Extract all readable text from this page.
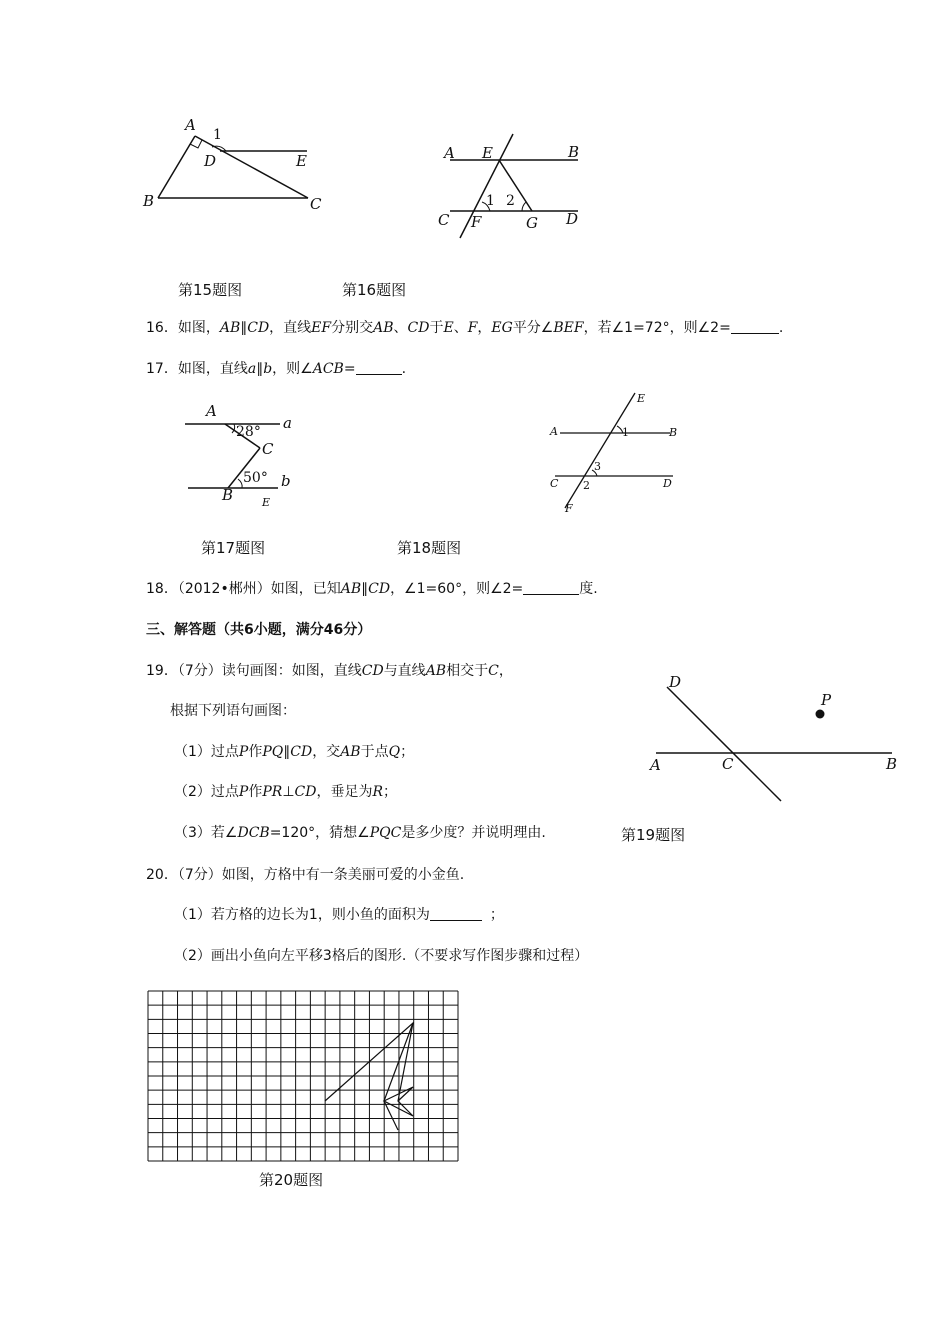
A
1
D	E
B	C
A E	B
1 2
C F	G D
第15题图	第16题图
16．如图，AB∥CD，直线EF分别交AB、CD于E、F，EG平分∠BEF，若∠1=72°，则∠2=	.
17．如图，直线a∥b，则∠ACB=	.
A
a
28°
C
50° b
B	E
E
A	1	B
3
C 2	D
F
第17题图	第18题图
18．（2012•郴州）如图，已知AB∥CD，∠1=60°，则∠2=	度.
三、解答题（共6小题，满分46分）
19．（7分）读句画图：如图，直线CD与直线AB相交于C，
根据下列语句画图：
（1）过点P作PQ∥CD，交AB于点Q；
（2）过点P作PR⊥CD，垂足为R；
（3）若∠DCB=120°，猜想∠PQC是多少度？并说明理由.
D
P
A	C	B
第19题图
20．（7分）如图，方格中有一条美丽可爱的小金鱼.
（1）若方格的边长为1，则小鱼的面积为	；
（2）画出小鱼向左平移3格后的图形.（不要求写作图步骤和过程）
第20题图
